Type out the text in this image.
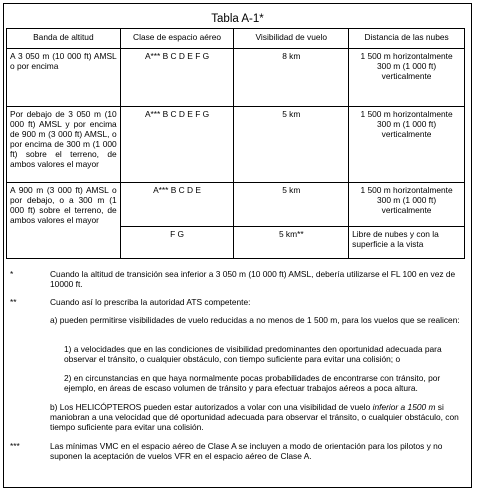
Tabla A-1*
Banda de altitud	Clase de espacio aéreo	Visibilidad de vuelo	Distancia de las nubes
A 3 050 m (10 000 ft) AMSL o por encima	A*** B C D E F G	8 km	1 500 m horizontalmente
300 m (1 000 ft)
verticalmente

Por debajo de 3 050 m (10 000 ft) AMSL y por encima de 900 m (3 000 ft) AMSL, o por encima de 300 m (1 000 ft) sobre el terreno, de ambos valores el mayor	A*** B C D E F G	5 km	1 500 m horizontalmente
300 m (1 000 ft)
verticalmente

A 900 m (3 000 ft) AMSL o por debajo, o a 300 m (1 000 ft) sobre el terreno, de ambos valores el mayor	A*** B C D E	5 km	1 500 m horizontalmente
300 m (1 000 ft)
verticalmente

	F G	5 km**	Libre de nubes y con la superficie a la vista
*	Cuando la altitud de transición sea inferior a 3 050 m (10 000 ft) AMSL, debería utilizarse el FL 100 en vez de 10000 ft.
**	Cuando así lo prescriba la autoridad ATS competente:
a) pueden permitirse visibilidades de vuelo reducidas a no menos de 1 500 m, para los vuelos que se realicen:
1) a velocidades que en las condiciones de visibilidad predominantes den oportunidad adecuada para observar el tránsito, o cualquier obstáculo, con tiempo suficiente para evitar una colisión; o
2) en circunstancias en que haya normalmente pocas probabilidades de encontrarse con tránsito, por ejemplo, en áreas de escaso volumen de tránsito y para efectuar trabajos aéreos a poca altura.
b) Los HELICÓPTEROS pueden estar autorizados a volar con una visibilidad de vuelo inferior a 1500 m si maniobran a una velocidad que dé oportunidad adecuada para observar el tránsito, o cualquier obstáculo, con tiempo suficiente para evitar una colisión.
***	Las mínimas VMC en el espacio aéreo de Clase A se incluyen a modo de orientación para los pilotos y no suponen la aceptación de vuelos VFR en el espacio aéreo de Clase A.
